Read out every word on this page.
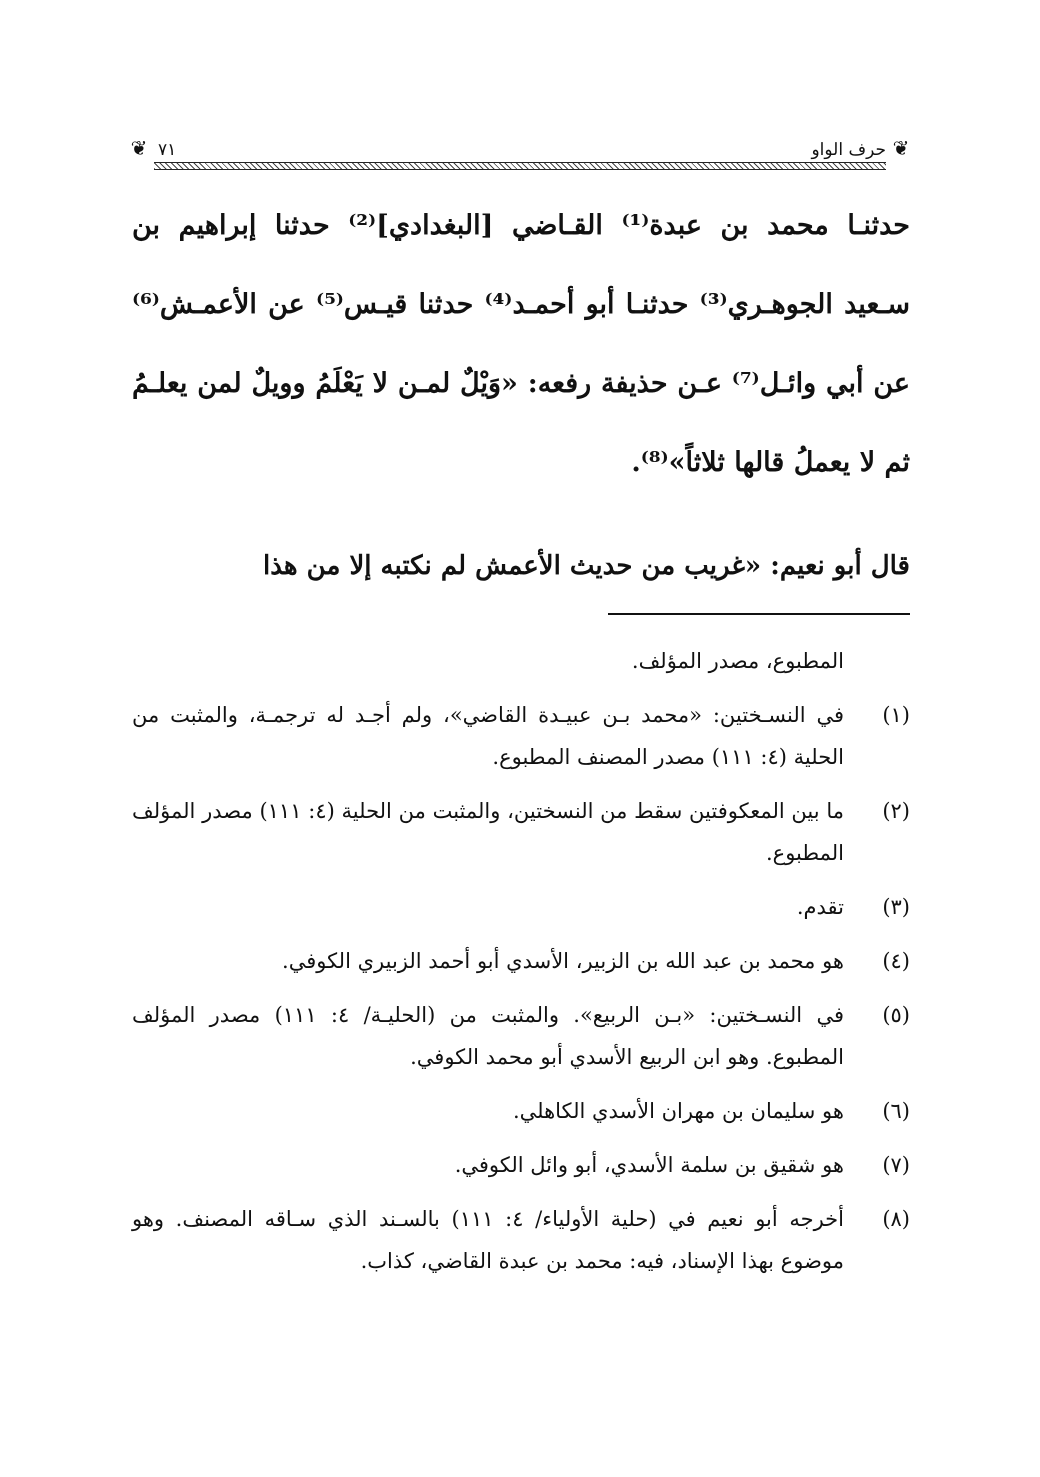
❦
حرف الواو
٧١
❦
حدثنـا محمد بن عبدة⁽¹⁾ القـاضي [البغدادي]⁽²⁾ حدثنا إبراهيم بن سـعيد الجوهـري⁽³⁾ حدثنـا أبو أحمـد⁽⁴⁾ حدثنا قيـس⁽⁵⁾ عن الأعمـش⁽⁶⁾ عن أبي وائـل⁽⁷⁾ عـن حذيفة رفعه: «وَيْلٌ لمـن لا يَعْلَمُ وويلٌ لمن يعلـمُ ثم لا يعملُ قالها ثلاثاً»⁽⁸⁾.
قال أبو نعيم: «غريب من حديث الأعمش لم نكتبه إلا من هذا
المطبوع، مصدر المؤلف.
(١)
في النسـختين: «محمد بـن عبيـدة القاضي»، ولم أجـد له ترجمـة، والمثبت من الحلية (٤: ١١١) مصدر المصنف المطبوع.
(٢)
ما بين المعكوفتين سقط من النسختين، والمثبت من الحلية (٤: ١١١) مصدر المؤلف المطبوع.
(٣)
تقدم.
(٤)
هو محمد بن عبد الله بن الزبير، الأسدي أبو أحمد الزبيري الكوفي.
(٥)
في النسـختين: «بـن الربيع». والمثبت من (الحليـة/ ٤: ١١١) مصدر المؤلف المطبوع. وهو ابن الربيع الأسدي أبو محمد الكوفي.
(٦)
هو سليمان بن مهران الأسدي الكاهلي.
(٧)
هو شقيق بن سلمة الأسدي، أبو وائل الكوفي.
(٨)
أخرجه أبو نعيم في (حلية الأولياء/ ٤: ١١١) بالسـند الذي سـاقه المصنف. وهو موضوع بهذا الإسناد، فيه: محمد بن عبدة القاضي، كذاب.
